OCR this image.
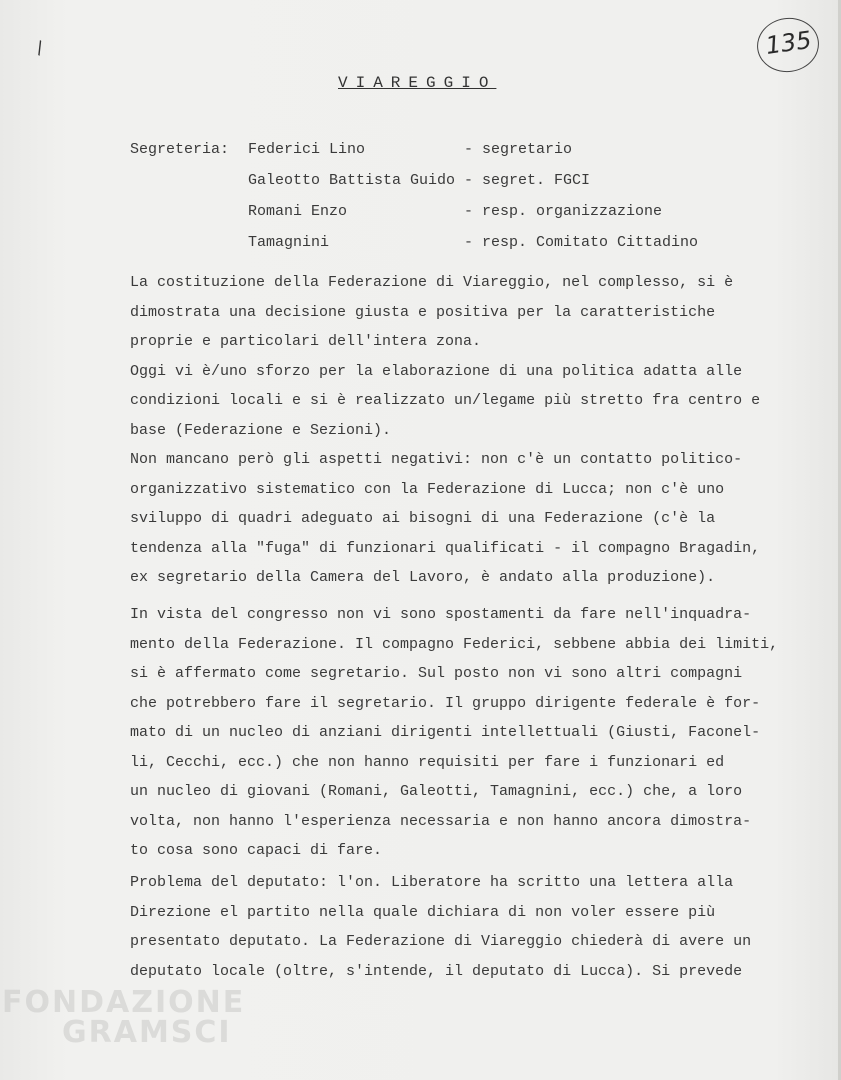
\	135
VIAREGGIO
Segreteria: Federici Lino	- segretario
Galeotto Battista Guido - segret. FGCI
Romani Enzo	- resp. organizzazione
Tamagnini	- resp. Comitato Cittadino
La costituzione della Federazione di Viareggio, nel complesso, si è
dimostrata una decisione giusta e positiva per la caratteristiche
proprie e particolari dell'intera zona.
Oggi vi è/uno sforzo per la elaborazione di una politica adatta alle
condizioni locali e si è realizzato un/legame più stretto fra centro e
base (Federazione e Sezioni).
Non mancano però gli aspetti negativi: non c'è un contatto politico-
organizzativo sistematico con la Federazione di Lucca; non c'è uno
sviluppo di quadri adeguato ai bisogni di una Federazione (c'è la
tendenza alla "fuga" di funzionari qualificati - il compagno Bragadin,
ex segretario della Camera del Lavoro, è andato alla produzione).
In vista del congresso non vi sono spostamenti da fare nell'inquadra-
mento della Federazione. Il compagno Federici, sebbene abbia dei limiti,
si è affermato come segretario. Sul posto non vi sono altri compagni
che potrebbero fare il segretario. Il gruppo dirigente federale è for-
mato di un nucleo di anziani dirigenti intellettuali (Giusti, Faconel-
li, Cecchi, ecc.) che non hanno requisiti per fare i funzionari ed
un nucleo di giovani (Romani, Galeotti, Tamagnini, ecc.) che, a loro
volta, non hanno l'esperienza necessaria e non hanno ancora dimostra-
to cosa sono capaci di fare.
Problema del deputato: l'on. Liberatore ha scritto una lettera alla
Direzione el partito nella quale dichiara di non voler essere più
presentato deputato. La Federazione di Viareggio chiederà di avere un
deputato locale (oltre, s'intende, il deputato di Lucca). Si prevede
FONDAZIONE
GRAMSCI
